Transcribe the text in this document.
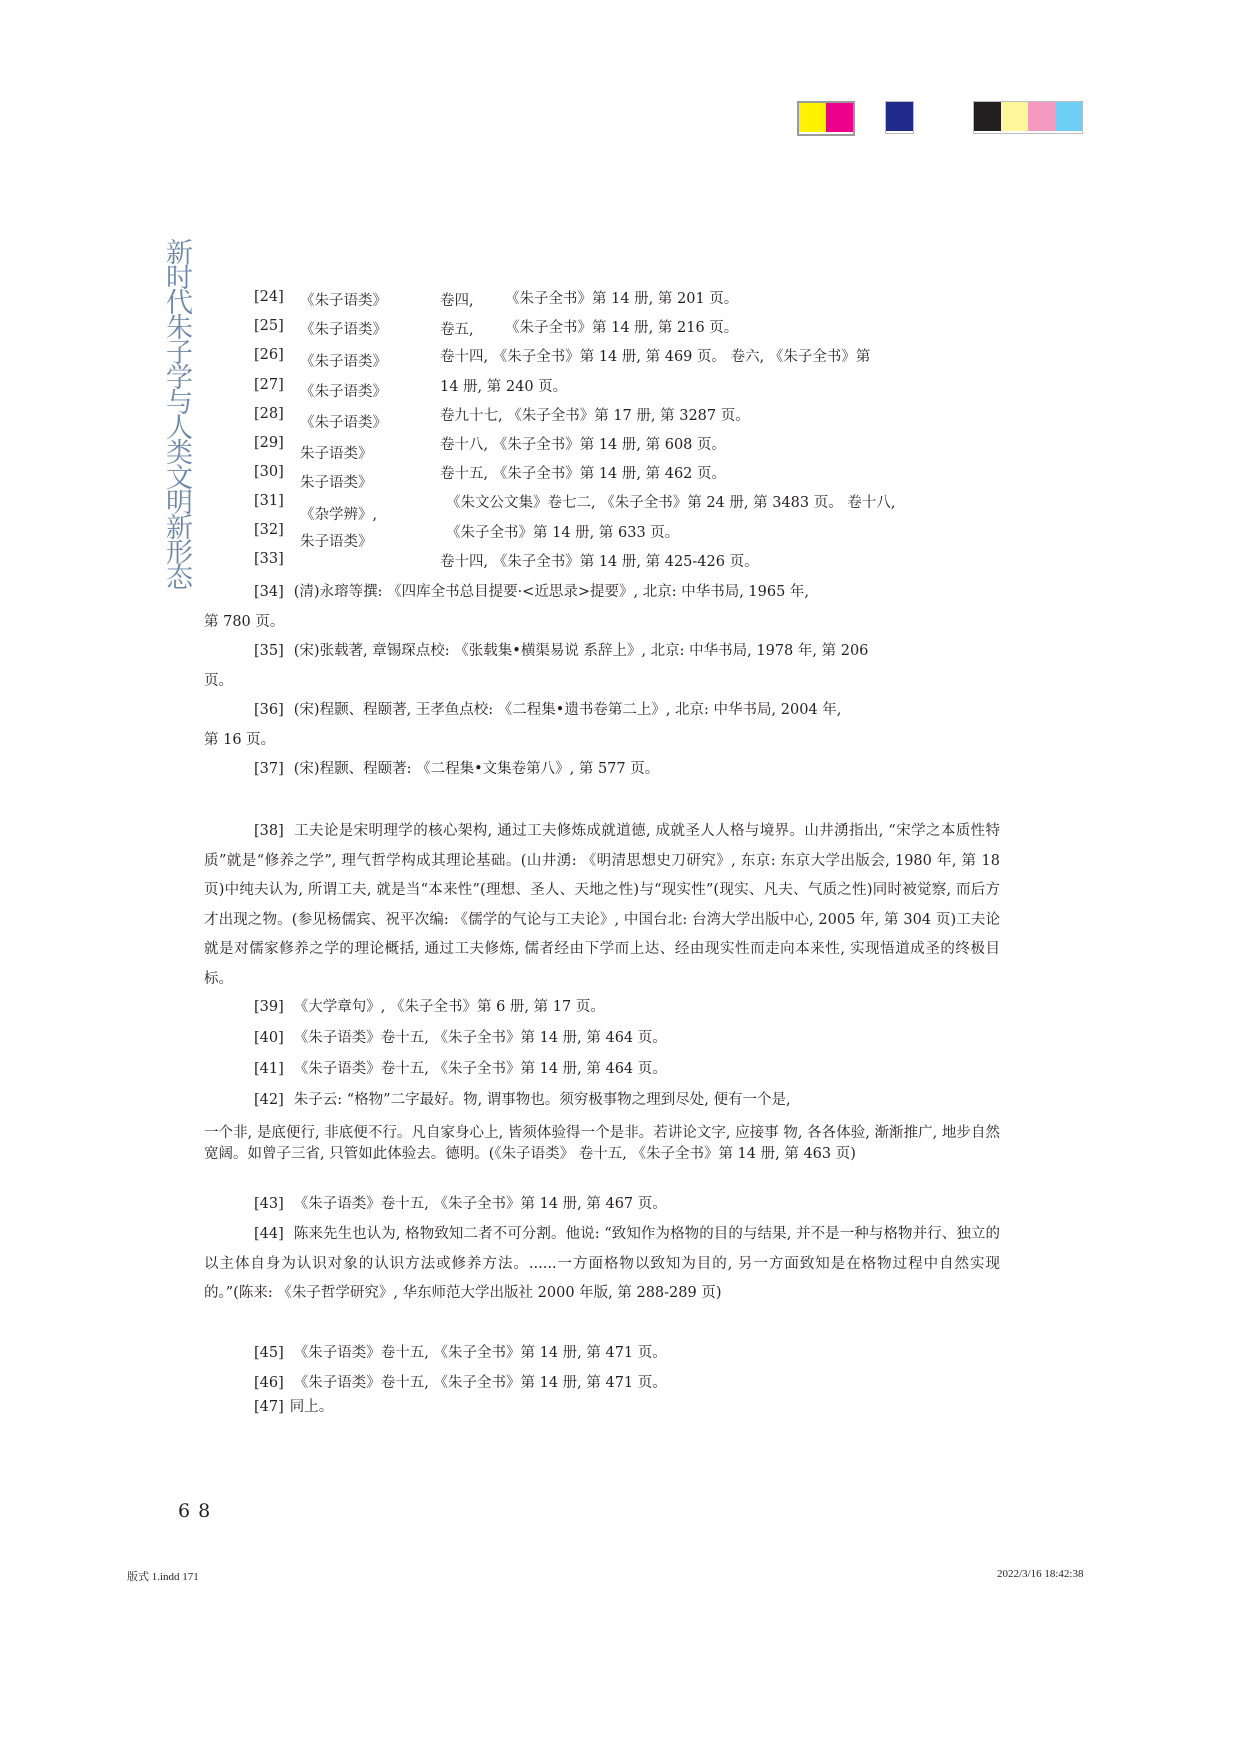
新时代朱子学与人类文明新形态	[24] 《朱子语类》
[25] 《朱子语类》
[26] 《朱子语类》
[27] 《朱子语类》
[28]
《朱子语类》
[29]
朱子语类》
[30]
朱子语类》
[31]
《杂学辨》,
[32]
朱子语类》
[33]
卷四, 《朱子全书》第 14 册, 第 201 页。
卷五, 《朱子全书》第 14 册, 第 216 页。
卷十四, 《朱子全书》第 14 册, 第 469 页。 卷六, 《朱子全书》第
14 册, 第 240 页。
卷九十七, 《朱子全书》第 17 册, 第 3287 页。
卷十八, 《朱子全书》第 14 册, 第 608 页。
卷十五, 《朱子全书》第 14 册, 第 462 页。
《朱文公文集》卷七二, 《朱子全书》第 24 册, 第 3483 页。 卷十八,
《朱子全书》第 14 册, 第 633 页。
卷十四, 《朱子全书》第 14 册, 第 425-426 页。
[34] (清)永瑢等撰: 《四库全书总目提要·<近思录>提要》, 北京: 中华书局, 1965 年,
第 780 页。
[35] (宋)张载著, 章锡琛点校: 《张载集•横渠易说 系辞上》, 北京: 中华书局, 1978 年, 第 206
页。
[36] (宋)程颢、程颐著, 王孝鱼点校: 《二程集•遗书卷第二上》, 北京: 中华书局, 2004 年,
第 16 页。
[37] (宋)程颢、程颐著: 《二程集•文集卷第八》, 第 577 页。
[38] 工夫论是宋明理学的核心架构, 通过工夫修炼成就道德, 成就圣人人格与境界。山井湧指出, “宋学之本质性特质”就是“修养之学”, 理气哲学构成其理论基础。(山井湧: 《明清思想史刀研究》, 东京: 东京大学出版会, 1980 年, 第 18 页)中纯夫认为, 所谓工夫, 就是当“本来性”(理想、圣人、天地之性)与“现实性”(现实、凡夫、气质之性)同时被觉察, 而后方才出现之物。(参见杨儒宾、祝平次编: 《儒学的气论与工夫论》, 中国台北: 台湾大学出版中心, 2005 年, 第 304 页)工夫论就是对儒家修养之学的理论概括, 通过工夫修炼, 儒者经由下学而上达、经由现实性而走向本来性, 实现悟道成圣的终极目标。
[39] 《大学章句》, 《朱子全书》第 6 册, 第 17 页。
[40] 《朱子语类》卷十五, 《朱子全书》第 14 册, 第 464 页。
[41] 《朱子语类》卷十五, 《朱子全书》第 14 册, 第 464 页。
[42] 朱子云: “格物”二字最好。物, 谓事物也。须穷极事物之理到尽处, 便有一个是,
一个非, 是底便行, 非底便不行。凡自家身心上, 皆须体验得一个是非。若讲论文字, 应接事 物, 各各体验, 渐渐推广, 地步自然宽阔。如曾子三省, 只管如此体验去。德明。(《朱子语类》 卷十五, 《朱子全书》第 14 册, 第 463 页)
[43] 《朱子语类》卷十五, 《朱子全书》第 14 册, 第 467 页。
[44] 陈来先生也认为, 格物致知二者不可分割。他说: “致知作为格物的目的与结果, 并不是一种与格物并行、独立的以主体自身为认识对象的认识方法或修养方法。......一方面格物以致知为目的, 另一方面致知是在格物过程中自然实现的。”(陈来: 《朱子哲学研究》, 华东师范大学出版社 2000 年版, 第 288-289 页)
[45] 《朱子语类》卷十五, 《朱子全书》第 14 册, 第 471 页。
[46] 《朱子语类》卷十五, 《朱子全书》第 14 册, 第 471 页。
[47] 同上。
68
版式 1.indd 171	2022/3/16 18:42:38
